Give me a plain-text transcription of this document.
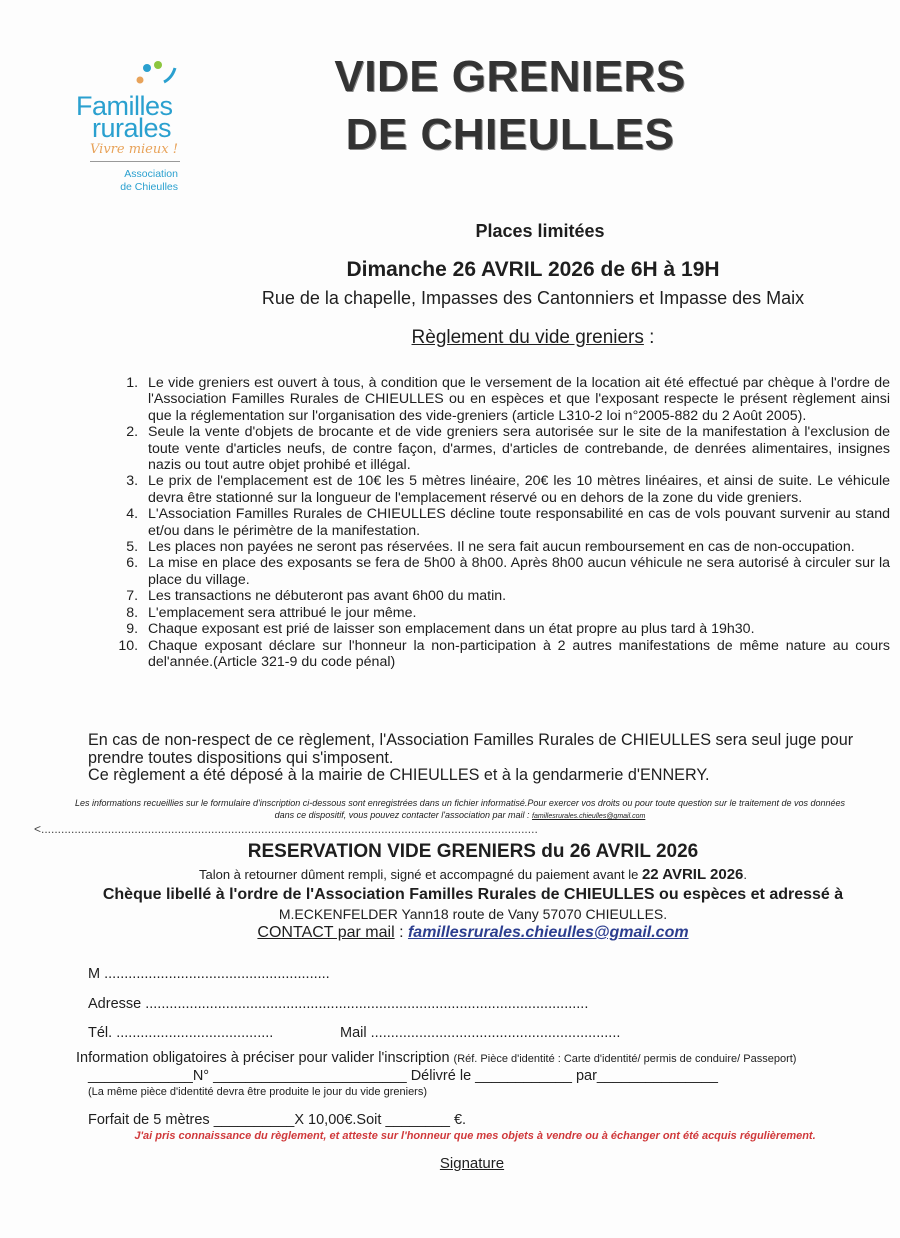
Familles
rurales
Vivre mieux !
Association
de Chieulles
VIDE GRENIERS
DE CHIEULLES
Places limitées
Dimanche 26 AVRIL 2026 de 6H à 19H
Rue de la chapelle, Impasses des Cantonniers et Impasse des Maix
Règlement du vide greniers :
1. Le vide greniers est ouvert à tous, à condition que le versement de la location ait été effectué par chèque à l'ordre de l'Association Familles Rurales de CHIEULLES ou en espèces et que l'exposant respecte le présent règlement ainsi que la réglementation sur l'organisation des vide-greniers (article L310-2 loi n°2005-882 du 2 Août 2005).
2. Seule la vente d'objets de brocante et de vide greniers sera autorisée sur le site de la manifestation à l'exclusion de toute vente d'articles neufs, de contre façon, d'armes, d'articles de contrebande, de denrées alimentaires, insignes nazis ou tout autre objet prohibé et illégal.
3. Le prix de l'emplacement est de 10€ les 5 mètres linéaire, 20€ les 10 mètres linéaires, et ainsi de suite. Le véhicule devra être stationné sur la longueur de l'emplacement réservé ou en dehors de la zone du vide greniers.
4. L'Association Familles Rurales de CHIEULLES décline toute responsabilité en cas de vols pouvant survenir au stand et/ou dans le périmètre de la manifestation.
5. Les places non payées ne seront pas réservées. Il ne sera fait aucun remboursement en cas de non-occupation.
6. La mise en place des exposants se fera de 5h00 à 8h00. Après 8h00 aucun véhicule ne sera autorisé à circuler sur la place du village.
7. Les transactions ne débuteront pas avant 6h00 du matin.
8. L'emplacement sera attribué le jour même.
9. Chaque exposant est prié de laisser son emplacement dans un état propre au plus tard à 19h30.
10. Chaque exposant déclare sur l'honneur la non-participation à 2 autres manifestations de même nature au cours del'année.(Article 321-9 du code pénal)
En cas de non-respect de ce règlement, l'Association Familles Rurales de CHIEULLES sera seul juge pour prendre toutes dispositions qui s'imposent.
Ce règlement a été déposé à la mairie de CHIEULLES et à la gendarmerie d'ENNERY.
Les informations recueillies sur le formulaire d'inscription ci-dessous sont enregistrées dans un fichier informatisé.Pour exercer vos droits ou pour toute question sur le traitement de vos données dans ce dispositif, vous pouvez contacter l'association par mail : famillesrurales.chieulles@gmail.com
<.....................................................................................................................................................
RESERVATION VIDE GRENIERS du 26 AVRIL 2026
Talon à retourner dûment rempli, signé et accompagné du paiement avant le 22 AVRIL 2026.
Chèque libellé à l'ordre de l'Association Familles Rurales de CHIEULLES ou espèces et adressé à
M.ECKENFELDER Yann18 route de Vany 57070 CHIEULLES.
CONTACT par mail : famillesrurales.chieulles@gmail.com
M ........................................................
Adresse ..............................................................................................................
Tél. .......................................	Mail ..............................................................
Information obligatoires à préciser pour valider l'inscription (Réf. Pièce d'identité : Carte d'identité/ permis de conduire/ Passeport)
_____________N° ________________________ Délivré le ____________ par_______________
(La même pièce d'identité devra être produite le jour du vide greniers)
Forfait de 5 mètres __________X 10,00€.Soit ________ €.
J'ai pris connaissance du règlement, et atteste sur l'honneur que mes objets à vendre ou à échanger ont été acquis régulièrement.
Signature
